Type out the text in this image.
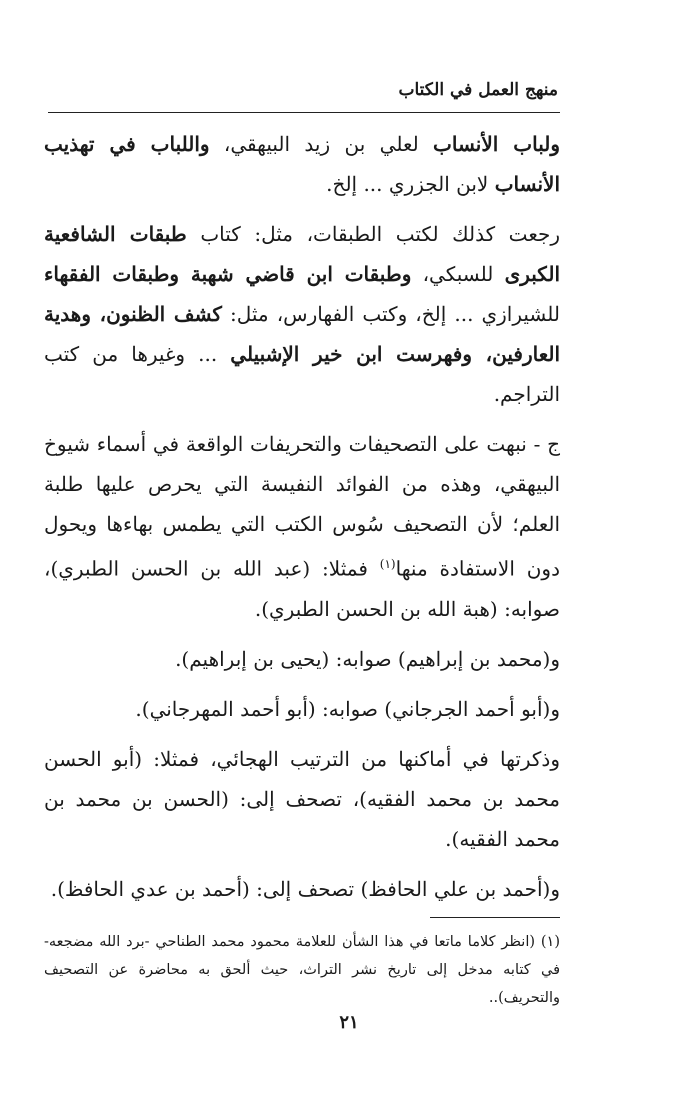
منهج العمل في الكتاب

ولباب الأنساب لعلي بن زيد البيهقي، واللباب في تهذيب الأنساب لابن الجزري ... إلخ.

رجعت كذلك لكتب الطبقات، مثل: كتاب طبقات الشافعية الكبرى للسبكي، وطبقات ابن قاضي شهبة وطبقات الفقهاء للشيرازي ... إلخ، وكتب الفهارس، مثل: كشف الظنون، وهدية العارفين، وفهرست ابن خير الإشبيلي ... وغيرها من كتب التراجم.

ج - نبهت على التصحيفات والتحريفات الواقعة في أسماء شيوخ البيهقي، وهذه من الفوائد النفيسة التي يحرص عليها طلبة العلم؛ لأن التصحيف سُوس الكتب التي يطمس بهاءها ويحول دون الاستفادة منها$^{(١)}$ فمثلا: (عبد الله بن الحسن الطبري)، صوابه: (هبة الله بن الحسن الطبري).

و(محمد بن إبراهيم) صوابه: (يحيى بن إبراهيم).

و(أبو أحمد الجرجاني) صوابه: (أبو أحمد المهرجاني).

وذكرتها في أماكنها من الترتيب الهجائي، فمثلا: (أبو الحسن محمد بن محمد الفقيه)، تصحف إلى: (الحسن بن محمد بن محمد الفقيه).

و(أحمد بن علي الحافظ) تصحف إلى: (أحمد بن عدي الحافظ).

(١) (انظر كلاما ماتعا في هذا الشأن للعلامة محمود محمد الطناحي -برد الله مضجعه- في كتابه مدخل إلى تاريخ نشر التراث، حيث ألحق به محاضرة عن التصحيف والتحريف)..
٢١
